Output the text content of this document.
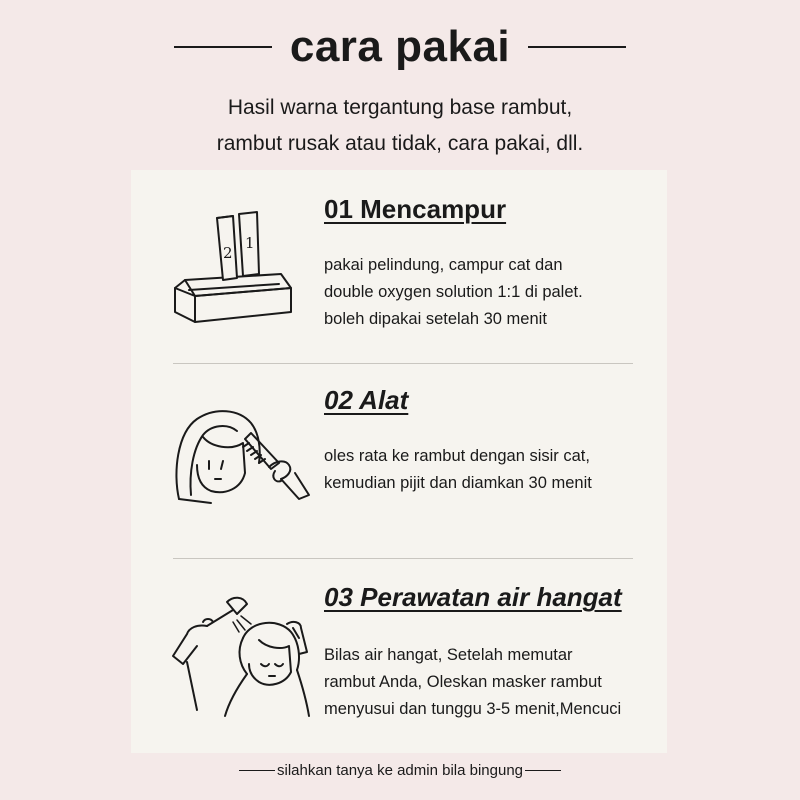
cara pakai
Hasil warna tergantung base rambut,
rambut rusak atau tidak, cara pakai, dll.
2
1
01 Mencampur
pakai pelindung, campur cat dan
double oxygen solution 1:1 di palet.
boleh dipakai setelah 30 menit
02 Alat
oles rata ke rambut dengan sisir cat,
kemudian pijit dan diamkan 30 menit
03 Perawatan air hangat
Bilas air hangat, Setelah memutar
rambut Anda, Oleskan masker rambut
menyusui dan tunggu 3-5 menit,Mencuci
silahkan tanya ke admin bila bingung
